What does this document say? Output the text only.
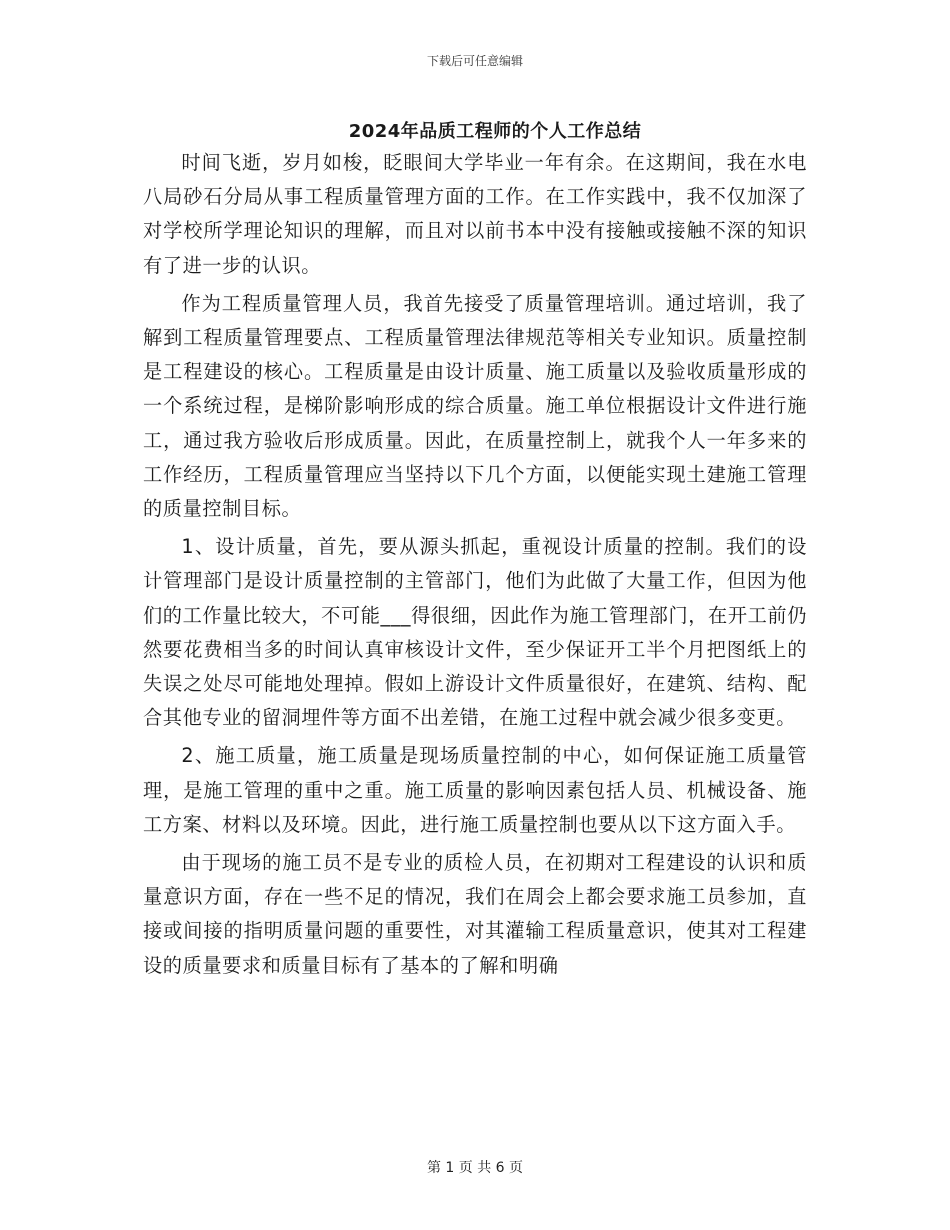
下载后可任意编辑
2024年品质工程师的个人工作总结

时间飞逝，岁月如梭，眨眼间大学毕业一年有余。在这期间，我在水电八局砂石分局从事工程质量管理方面的工作。在工作实践中，我不仅加深了对学校所学理论知识的理解，而且对以前书本中没有接触或接触不深的知识有了进一步的认识。

作为工程质量管理人员，我首先接受了质量管理培训。通过培训，我了解到工程质量管理要点、工程质量管理法律规范等相关专业知识。质量控制是工程建设的核心。工程质量是由设计质量、施工质量以及验收质量形成的一个系统过程，是梯阶影响形成的综合质量。施工单位根据设计文件进行施工，通过我方验收后形成质量。因此，在质量控制上，就我个人一年多来的工作经历，工程质量管理应当坚持以下几个方面，以便能实现土建施工管理的质量控制目标。

1、设计质量，首先，要从源头抓起，重视设计质量的控制。我们的设计管理部门是设计质量控制的主管部门，他们为此做了大量工作，但因为他们的工作量比较大，不可能___得很细，因此作为施工管理部门，在开工前仍然要花费相当多的时间认真审核设计文件，至少保证开工半个月把图纸上的失误之处尽可能地处理掉。假如上游设计文件质量很好，在建筑、结构、配合其他专业的留洞埋件等方面不出差错，在施工过程中就会减少很多变更。

2、施工质量，施工质量是现场质量控制的中心，如何保证施工质量管理，是施工管理的重中之重。施工质量的影响因素包括人员、机械设备、施工方案、材料以及环境。因此，进行施工质量控制也要从以下这方面入手。

由于现场的施工员不是专业的质检人员，在初期对工程建设的认识和质量意识方面，存在一些不足的情况，我们在周会上都会要求施工员参加，直接或间接的指明质量问题的重要性，对其灌输工程质量意识，使其对工程建设的质量要求和质量目标有了基本的了解和明确

第 1 页 共 6 页
